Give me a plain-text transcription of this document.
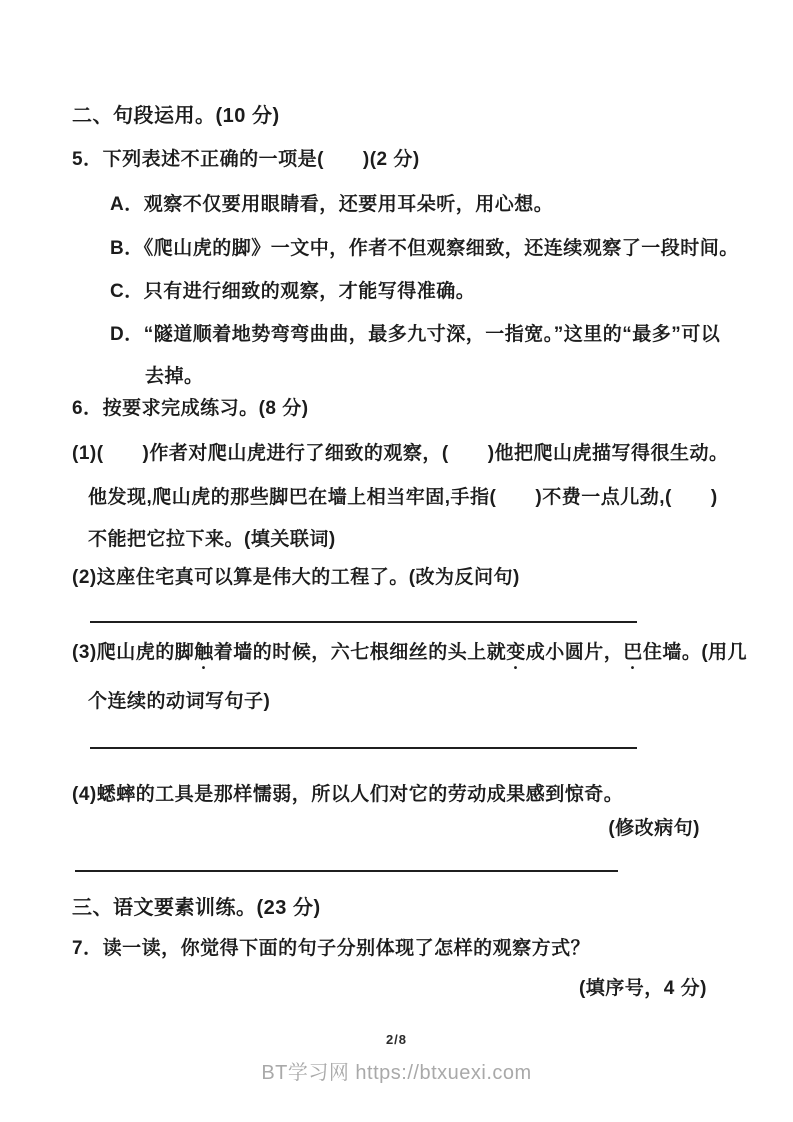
二、句段运用。(10 分)
5．下列表述不正确的一项是(　　)(2 分)
A．观察不仅要用眼睛看，还要用耳朵听，用心想。
B．《爬山虎的脚》一文中，作者不但观察细致，还连续观察了一段时间。
C．只有进行细致的观察，才能写得准确。
D．“隧道顺着地势弯弯曲曲，最多九寸深，一指宽。”这里的“最多”可以
去掉。
6．按要求完成练习。(8 分)
(1)(　　)作者对爬山虎进行了细致的观察，(　　)他把爬山虎描写得很生动。
他发现,爬山虎的那些脚巴在墙上相当牢固,手指(　　)不费一点儿劲,(　　)
不能把它拉下来。(填关联词)
(2)这座住宅真可以算是伟大的工程了。(改为反问句)
(3)爬山虎的脚触着墙的时候，六七根细丝的头上就变成小圆片，巴住墙。(用几
个连续的动词写句子)
(4)蟋蟀的工具是那样懦弱，所以人们对它的劳动成果感到惊奇。
(修改病句)
三、语文要素训练。(23 分)
7．读一读，你觉得下面的句子分别体现了怎样的观察方式？
(填序号，4 分)
2/8
BT学习网 https://btxuexi.com
